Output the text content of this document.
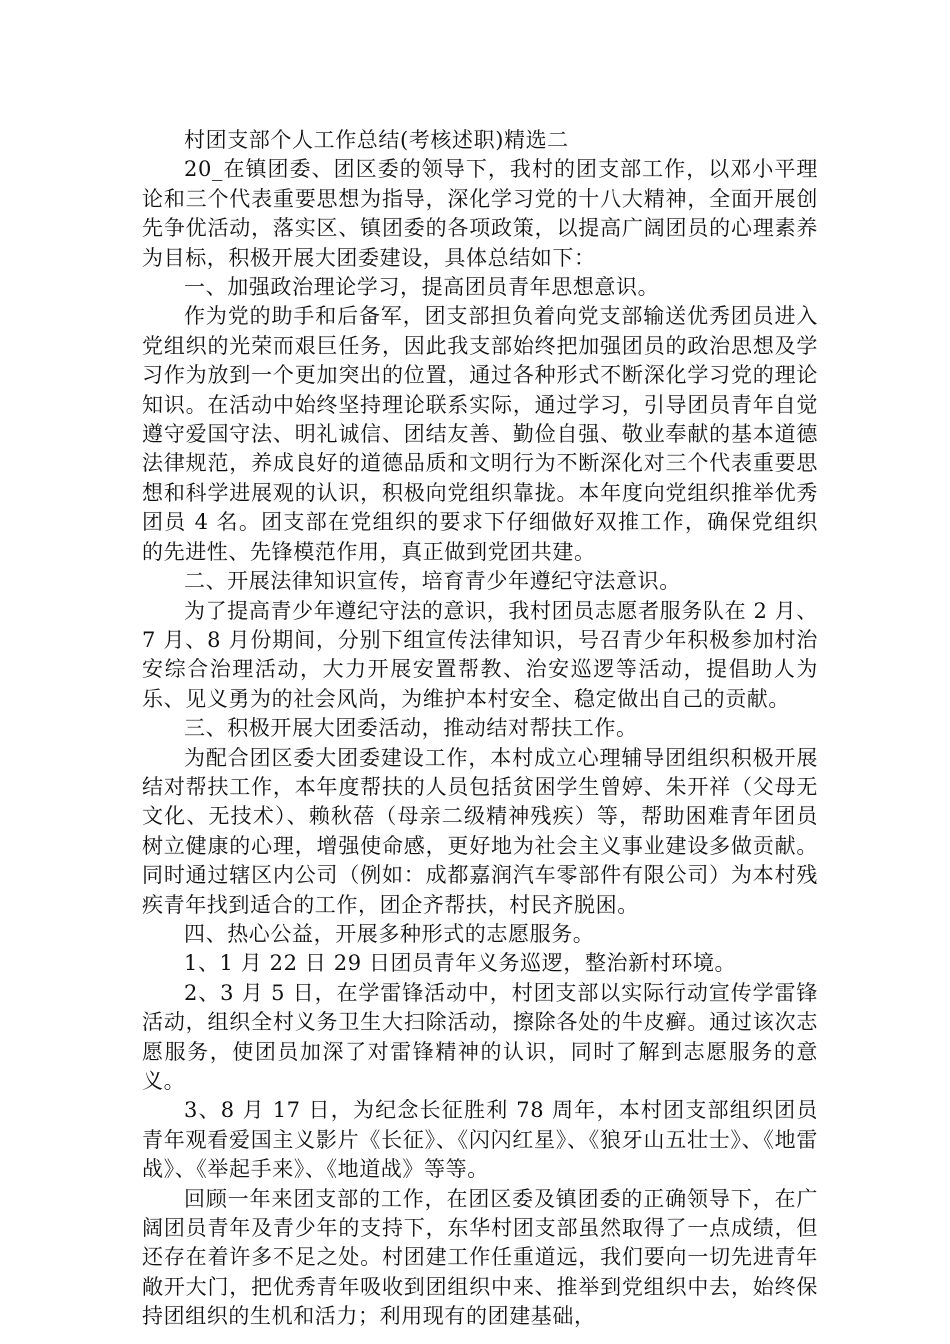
村团支部个人工作总结(考核述职)精选二

20_在镇团委、团区委的领导下，我村的团支部工作，以邓小平理论和三个代表重要思想为指导，深化学习党的十八大精神，全面开展创先争优活动，落实区、镇团委的各项政策，以提高广阔团员的心理素养为目标，积极开展大团委建设，具体总结如下：

一、加强政治理论学习，提高团员青年思想意识。

作为党的助手和后备军，团支部担负着向党支部输送优秀团员进入党组织的光荣而艰巨任务，因此我支部始终把加强团员的政治思想及学习作为放到一个更加突出的位置，通过各种形式不断深化学习党的理论知识。在活动中始终坚持理论联系实际，通过学习，引导团员青年自觉遵守爱国守法、明礼诚信、团结友善、勤俭自强、敬业奉献的基本道德法律规范，养成良好的道德品质和文明行为不断深化对三个代表重要思想和科学进展观的认识，积极向党组织靠拢。本年度向党组织推举优秀团员 4 名。团支部在党组织的要求下仔细做好双推工作，确保党组织的先进性、先锋模范作用，真正做到党团共建。

二、开展法律知识宣传，培育青少年遵纪守法意识。

为了提高青少年遵纪守法的意识，我村团员志愿者服务队在 2 月、7 月、8 月份期间，分别下组宣传法律知识，号召青少年积极参加村治安综合治理活动，大力开展安置帮教、治安巡逻等活动，提倡助人为乐、见义勇为的社会风尚，为维护本村安全、稳定做出自己的贡献。

三、积极开展大团委活动，推动结对帮扶工作。

为配合团区委大团委建设工作，本村成立心理辅导团组织积极开展结对帮扶工作，本年度帮扶的人员包括贫困学生曾婷、朱开祥（父母无文化、无技术）、赖秋蓓（母亲二级精神残疾）等，帮助困难青年团员树立健康的心理，增强使命感，更好地为社会主义事业建设多做贡献。同时通过辖区内公司（例如：成都嘉润汽车零部件有限公司）为本村残疾青年找到适合的工作，团企齐帮扶，村民齐脱困。

四、热心公益，开展多种形式的志愿服务。

1、1 月 22 日 29 日团员青年义务巡逻，整治新村环境。

2、3 月 5 日，在学雷锋活动中，村团支部以实际行动宣传学雷锋活动，组织全村义务卫生大扫除活动，擦除各处的牛皮癣。通过该次志愿服务，使团员加深了对雷锋精神的认识，同时了解到志愿服务的意义。

3、8 月 17 日，为纪念长征胜利 78 周年，本村团支部组织团员青年观看爱国主义影片《长征》、《闪闪红星》、《狼牙山五壮士》、《地雷战》、《举起手来》、《地道战》等等。

回顾一年来团支部的工作，在团区委及镇团委的正确领导下，在广阔团员青年及青少年的支持下，东华村团支部虽然取得了一点成绩，但还存在着许多不足之处。村团建工作任重道远，我们要向一切先进青年敞开大门，把优秀青年吸收到团组织中来、推举到党组织中去，始终保持团组织的生机和活力；利用现有的团建基础，
